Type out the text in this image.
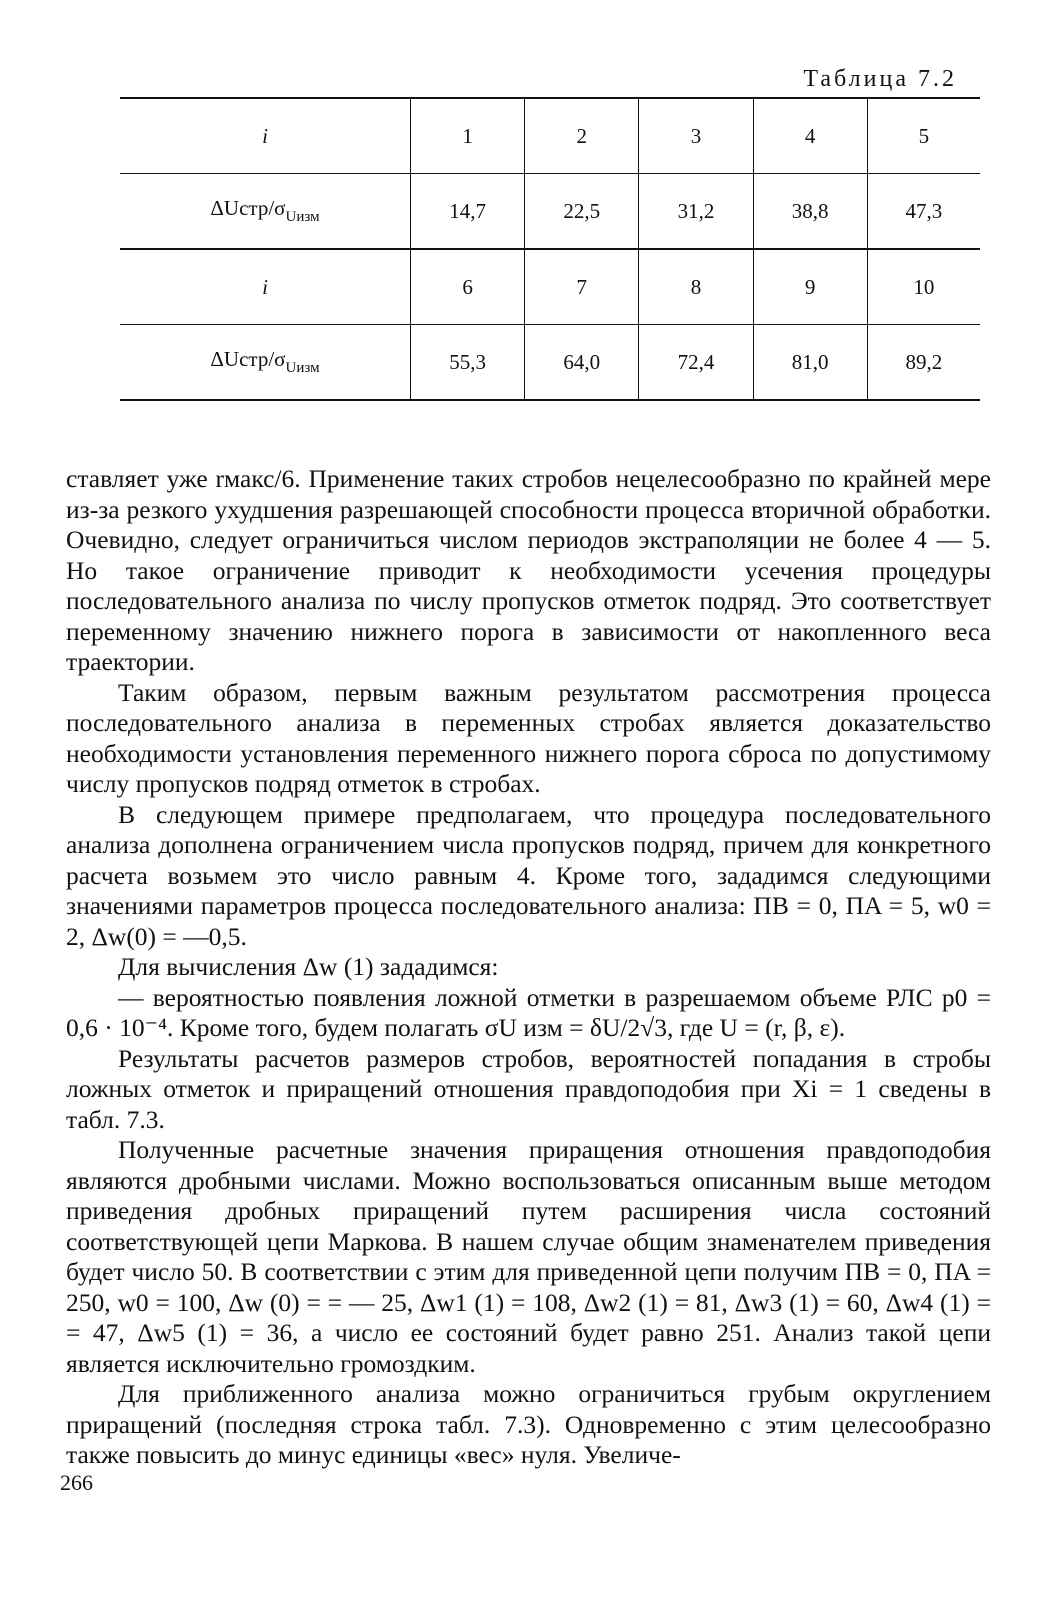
Таблица 7.2
i	1	2	3	4	5
ΔUстр/$\sigma_{Uизм}$	14,7	22,5	31,2	38,8	47,3
i	6	7	8	9	10
ΔUстр/$\sigma_{Uизм}$	55,3	64,0	72,4	81,0	89,2

ставляет уже rмакс/6. Применение таких стробов нецелесообразно по крайней мере из-за резкого ухудшения разрешающей способности процесса вторичной обработки. Очевидно, следует ограничиться числом периодов экстраполяции не более 4 — 5. Но такое ограничение приводит к необходимости усечения процедуры последовательного анализа по числу пропусков отметок подряд. Это соответствует переменному значению нижнего порога в зависимости от накопленного веса траектории.

Таким образом, первым важным результатом рассмотрения процесса последовательного анализа в переменных стробах является доказательство необходимости установления переменного нижнего порога сброса по допустимому числу пропусков подряд отметок в стробах.

В следующем примере предполагаем, что процедура последовательного анализа дополнена ограничением числа пропусков подряд, причем для конкретного расчета возьмем это число равным 4. Кроме того, зададимся следующими значениями параметров процесса последовательного анализа: ПB = 0, ПA = 5, w0 = 2, Δw(0) = —0,5.

Для вычисления Δw (1) зададимся:

— вероятностью появления ложной отметки в разрешаемом объеме РЛС p0 = 0,6 · 10⁻⁴. Кроме того, будем полагать σU изм = δU/2√3, где U = (r, β, ε).

Результаты расчетов размеров стробов, вероятностей попадания в стробы ложных отметок и приращений отношения правдоподобия при Xi = 1 сведены в табл. 7.3.

Полученные расчетные значения приращения отношения правдоподобия являются дробными числами. Можно воспользоваться описанным выше методом приведения дробных приращений путем расширения числа состояний соответствующей цепи Маркова. В нашем случае общим знаменателем приведения будет число 50. В соответствии с этим для приведенной цепи получим ПB = 0, ПA = 250, w0 = 100, Δw (0) = = — 25, Δw1 (1) = 108, Δw2 (1) = 81, Δw3 (1) = 60, Δw4 (1) = = 47, Δw5 (1) = 36, а число ее состояний будет равно 251. Анализ такой цепи является исключительно громоздким.

Для приближенного анализа можно ограничиться грубым округлением приращений (последняя строка табл. 7.3). Одновременно с этим целесообразно также повысить до минус единицы «вес» нуля. Увеличе-

266
